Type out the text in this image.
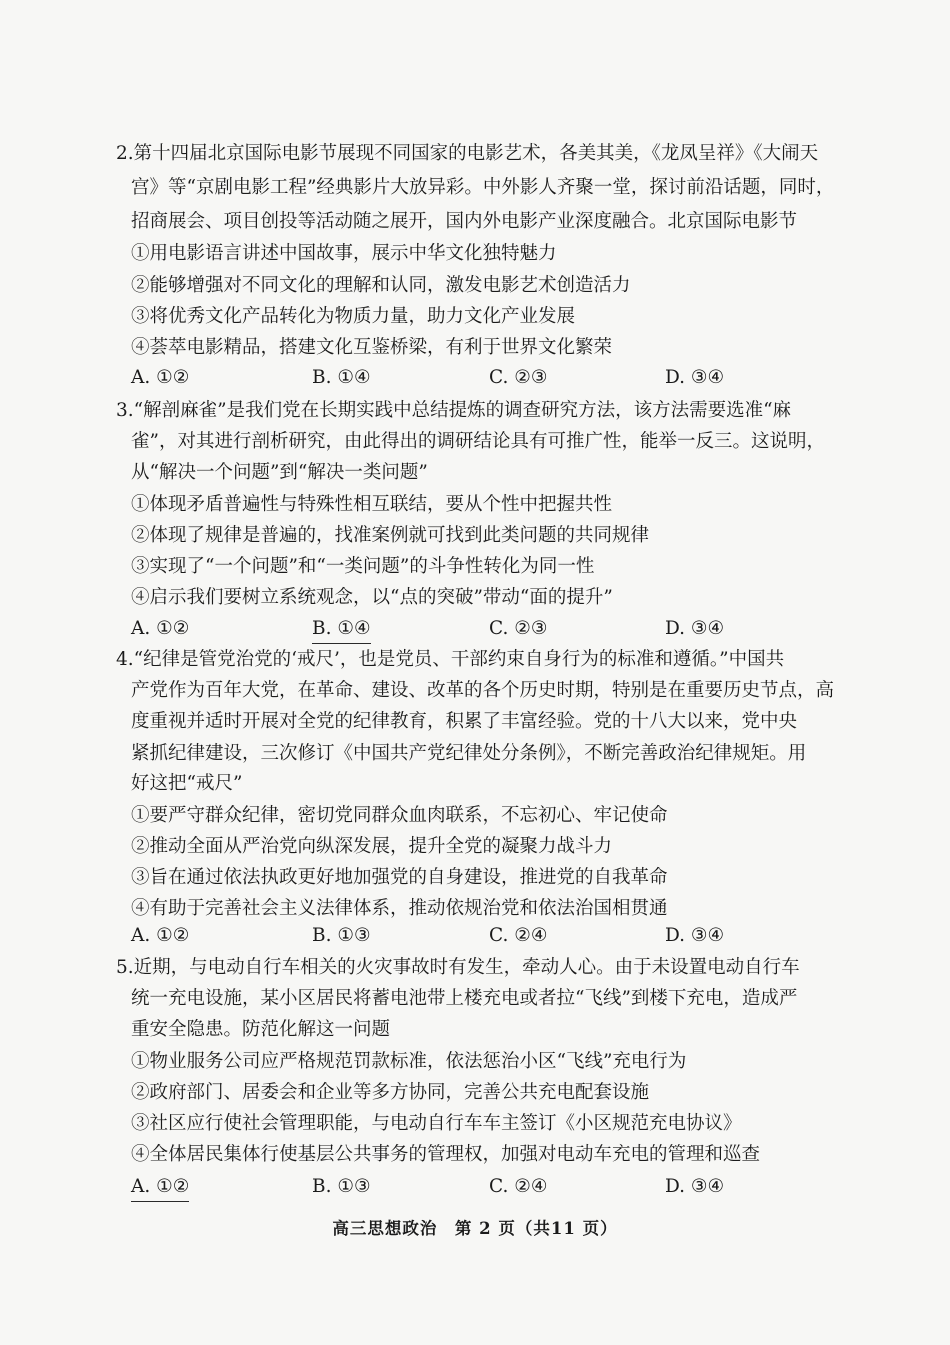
2.第十四届北京国际电影节展现不同国家的电影艺术，各美其美，《龙凤呈祥》《大闹天
宫》等“京剧电影工程”经典影片大放异彩。中外影人齐聚一堂，探讨前沿话题，同时，
招商展会、项目创投等活动随之展开，国内外电影产业深度融合。北京国际电影节
①用电影语言讲述中国故事，展示中华文化独特魅力
②能够增强对不同文化的理解和认同，激发电影艺术创造活力
③将优秀文化产品转化为物质力量，助力文化产业发展
④荟萃电影精品，搭建文化互鉴桥梁，有利于世界文化繁荣
A. ①②	B. ①④	C. ②③	D. ③④
3.“解剖麻雀”是我们党在长期实践中总结提炼的调查研究方法，该方法需要选准“麻
雀”，对其进行剖析研究，由此得出的调研结论具有可推广性，能举一反三。这说明，
从“解决一个问题”到“解决一类问题”
①体现矛盾普遍性与特殊性相互联结，要从个性中把握共性
②体现了规律是普遍的，找准案例就可找到此类问题的共同规律
③实现了“一个问题”和“一类问题”的斗争性转化为同一性
④启示我们要树立系统观念，以“点的突破”带动“面的提升”
A. ①②	B. ①④	C. ②③	D. ③④
4.“纪律是管党治党的‘戒尺’，也是党员、干部约束自身行为的标准和遵循。”中国共
产党作为百年大党，在革命、建设、改革的各个历史时期，特别是在重要历史节点，高
度重视并适时开展对全党的纪律教育，积累了丰富经验。党的十八大以来，党中央
紧抓纪律建设，三次修订《中国共产党纪律处分条例》，不断完善政治纪律规矩。用
好这把“戒尺”
①要严守群众纪律，密切党同群众血肉联系，不忘初心、牢记使命
②推动全面从严治党向纵深发展，提升全党的凝聚力战斗力
③旨在通过依法执政更好地加强党的自身建设，推进党的自我革命
④有助于完善社会主义法律体系，推动依规治党和依法治国相贯通
A. ①②	B. ①③	C. ②④	D. ③④
5.近期，与电动自行车相关的火灾事故时有发生，牵动人心。由于未设置电动自行车
统一充电设施，某小区居民将蓄电池带上楼充电或者拉“飞线”到楼下充电，造成严
重安全隐患。防范化解这一问题
①物业服务公司应严格规范罚款标准，依法惩治小区“飞线”充电行为
②政府部门、居委会和企业等多方协同，完善公共充电配套设施
③社区应行使社会管理职能，与电动自行车车主签订《小区规范充电协议》
④全体居民集体行使基层公共事务的管理权，加强对电动车充电的管理和巡查
A. ①②	B. ①③	C. ②④	D. ③④
高三思想政治　第 2 页（共11 页）
